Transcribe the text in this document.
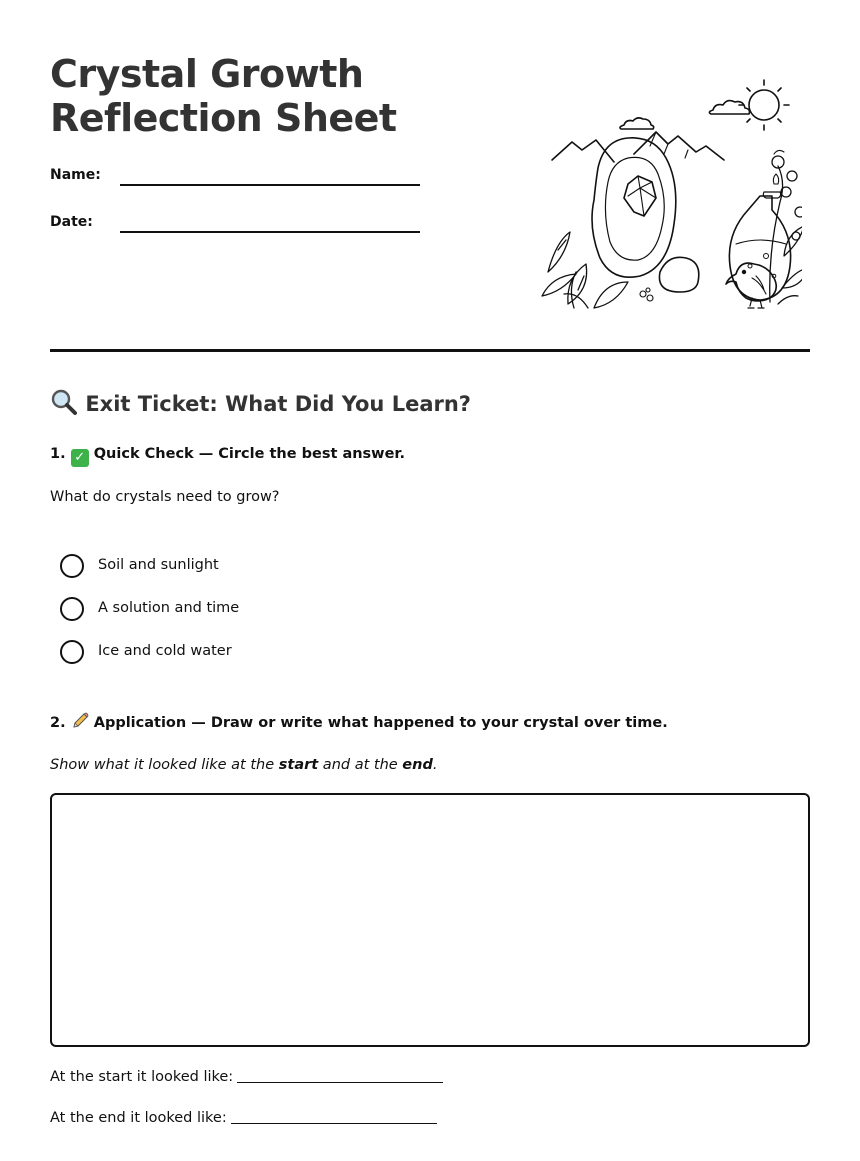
Crystal Growth Reflection Sheet
Name:
Date:
Exit Ticket: What Did You Learn?
1. ✓ Quick Check — Circle the best answer.
What do crystals need to grow?
Soil and sunlight
A solution and time
Ice and cold water
2. Application — Draw or write what happened to your crystal over time.
Show what it looked like at the start and at the end.
At the start it looked like:
At the end it looked like:
